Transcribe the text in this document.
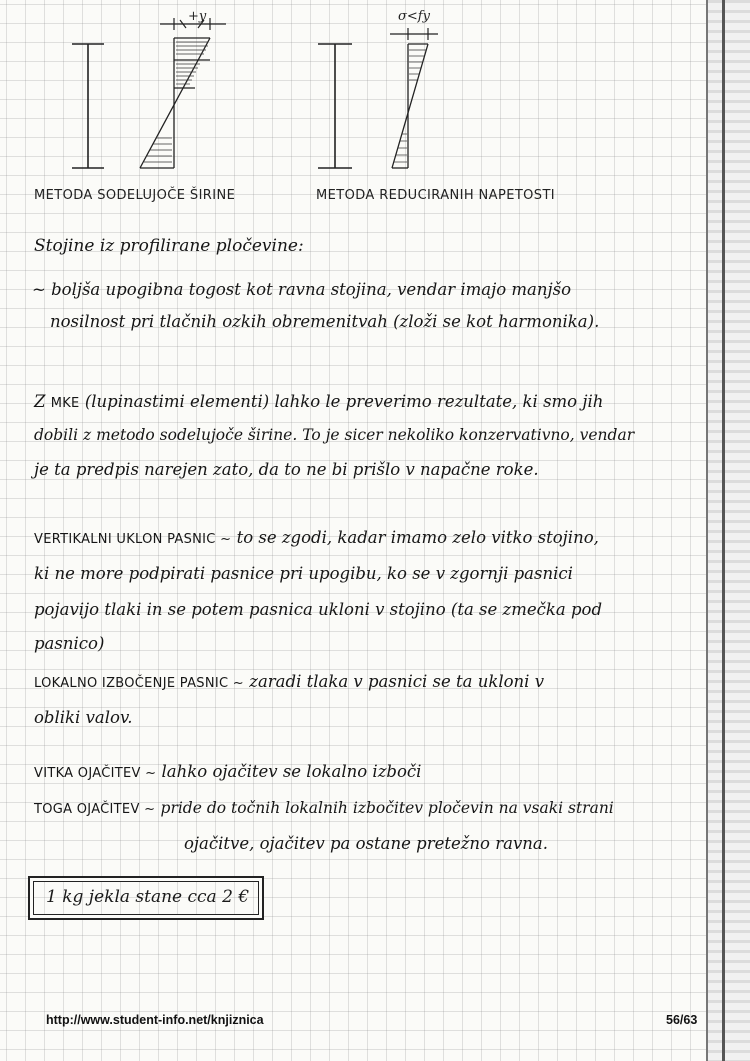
+y
METODA SODELUJOČE ŠIRINE
σ<fy
METODA REDUCIRANIH NAPETOSTI
Stojine iz profilirane pločevine:
~ boljša upogibna togost kot ravna stojina, vendar imajo manjšo
nosilnost pri tlačnih ozkih obremenitvah (zloži se kot harmonika).
Z MKE (lupinastimi elementi) lahko le preverimo rezultate, ki smo jih
dobili z metodo sodelujoče širine. To je sicer nekoliko konzervativno, vendar
je ta predpis narejen zato, da to ne bi prišlo v napačne roke.
VERTIKALNI UKLON PASNIC ~ to se zgodi, kadar imamo zelo vitko stojino,
ki ne more podpirati pasnice pri upogibu, ko se v zgornji pasnici
pojavijo tlaki in se potem pasnica ukloni v stojino (ta se zmečka pod
pasnico)
LOKALNO IZBOČENJE PASNIC ~ zaradi tlaka v pasnici se ta ukloni v
obliki valov.
VITKA OJAČITEV ~ lahko ojačitev se lokalno izboči
TOGA OJAČITEV ~ pride do točnih lokalnih izbočitev pločevin na vsaki strani
ojačitve, ojačitev pa ostane pretežno ravna.
1 kg jekla stane cca 2 €
http://www.student-info.net/knjiznica	56/63
